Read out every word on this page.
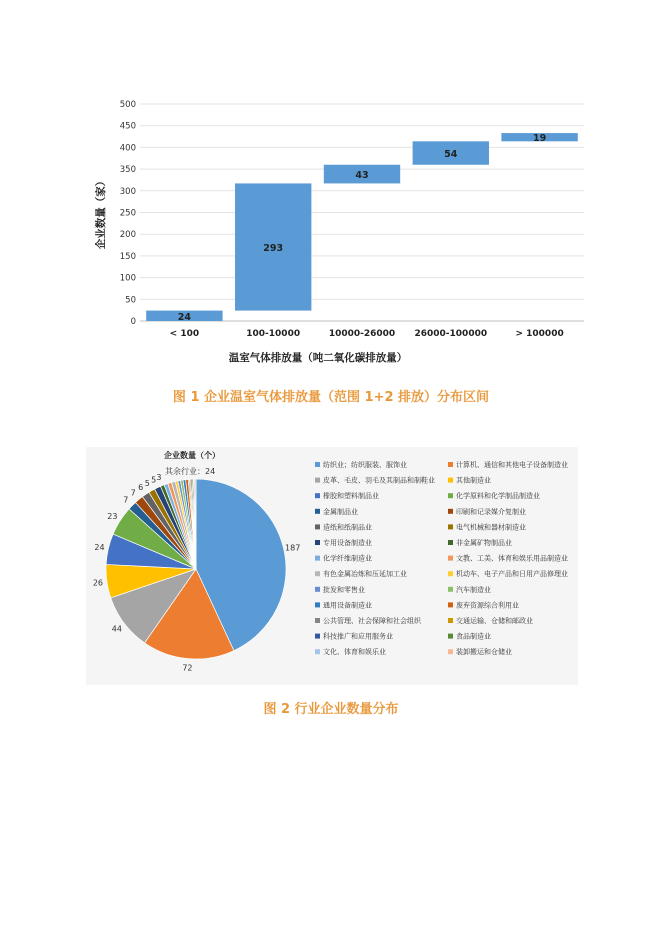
0
50
100
150
200
250
300
350
400
450
500
24
< 100
293
100-10000
43
10000-26000
54
26000-100000
19
> 100000
温室气体排放量（吨二氧化碳排放量）
企业数量（家）
图 1 企业温室气体排放量（范围 1+2 排放）分布区间
企业数量（个）
187
72
44
26
24
23
7
7
6 5 5 3
其余行业：24
纺织业；纺织服装、服饰业	计算机、通信和其他电子设备制造业
皮革、毛皮、羽毛及其制品和制鞋业	其他制造业
橡胶和塑料制品业	化学原料和化学制品制造业
金属制品业	印刷和记录媒介复制业
造纸和纸制品业	电气机械和器材制造业
专用设备制造业	非金属矿物制品业
化学纤维制造业	文教、工美、体育和娱乐用品制造业
有色金属冶炼和压延加工业	机动车、电子产品和日用产品修理业
批发和零售业	汽车制造业
通用设备制造业	废弃资源综合利用业
公共管理、社会保障和社会组织	交通运输、仓储和邮政业
科技推广和应用服务业	食品制造业
文化、体育和娱乐业	装卸搬运和仓储业
图 2 行业企业数量分布
